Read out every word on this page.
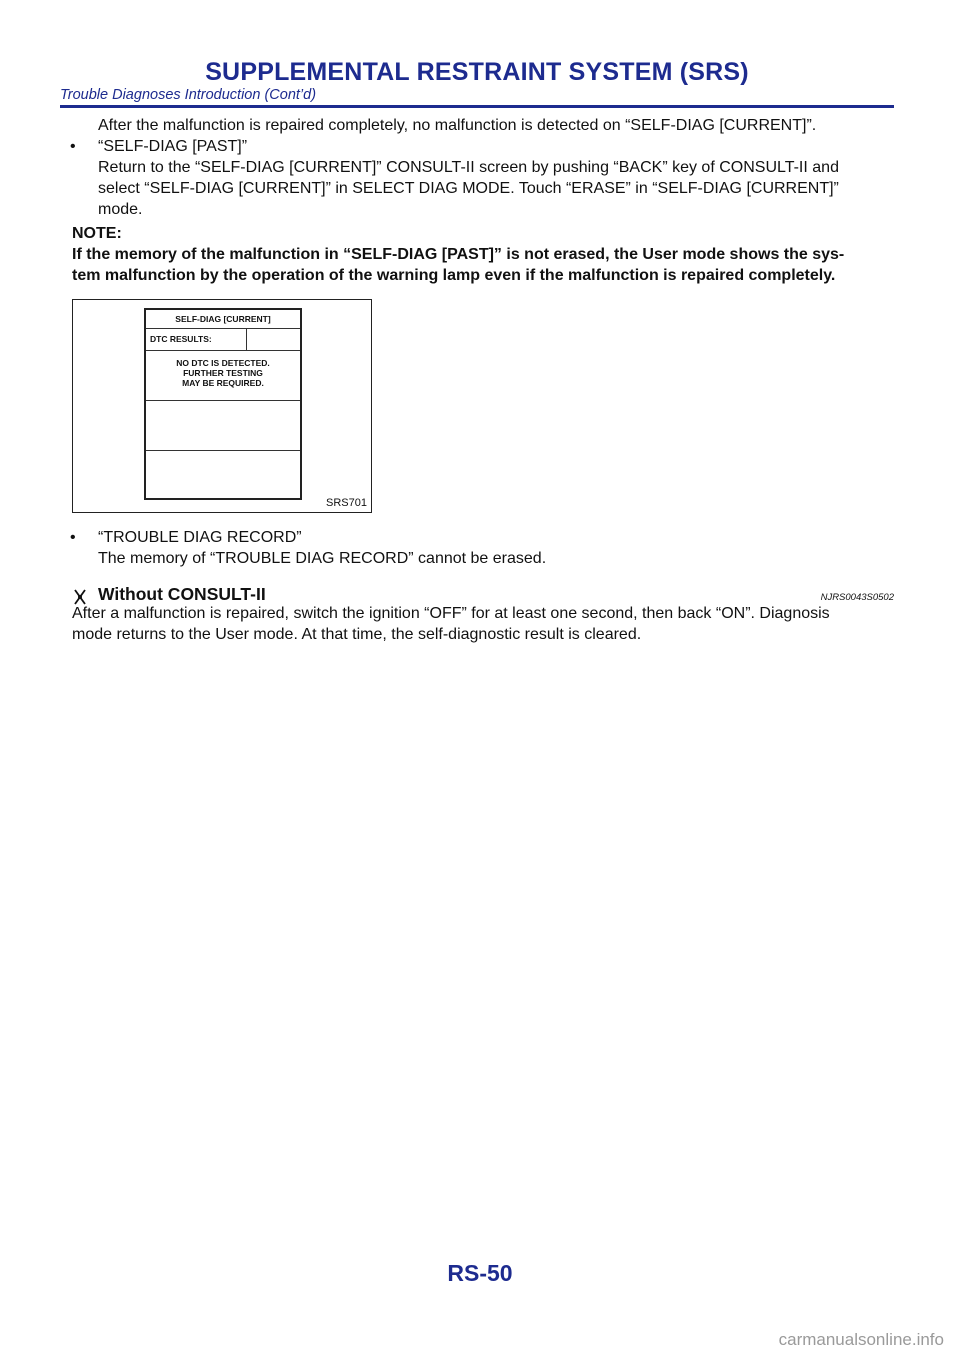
SUPPLEMENTAL RESTRAINT SYSTEM (SRS)
Trouble Diagnoses Introduction (Cont’d)
After the malfunction is repaired completely, no malfunction is detected on “SELF-DIAG [CURRENT]”.
• “SELF-DIAG [PAST]”
Return to the “SELF-DIAG [CURRENT]” CONSULT-II screen by pushing “BACK” key of CONSULT-II and
select “SELF-DIAG [CURRENT]” in SELECT DIAG MODE. Touch “ERASE” in “SELF-DIAG [CURRENT]”
mode.
NOTE:
If the memory of the malfunction in “SELF-DIAG [PAST]” is not erased, the User mode shows the sys-
tem malfunction by the operation of the warning lamp even if the malfunction is repaired completely.
SELF-DIAG [CURRENT]
DTC RESULTS:
NO DTC IS DETECTED.
FURTHER TESTING
MAY BE REQUIRED.
SRS701
• “TROUBLE DIAG RECORD”
The memory of “TROUBLE DIAG RECORD” cannot be erased.
Without CONSULT-II	NJRS0043S0502
After a malfunction is repaired, switch the ignition “OFF” for at least one second, then back “ON”. Diagnosis
mode returns to the User mode. At that time, the self-diagnostic result is cleared.
RS-50
carmanualsonline.info
